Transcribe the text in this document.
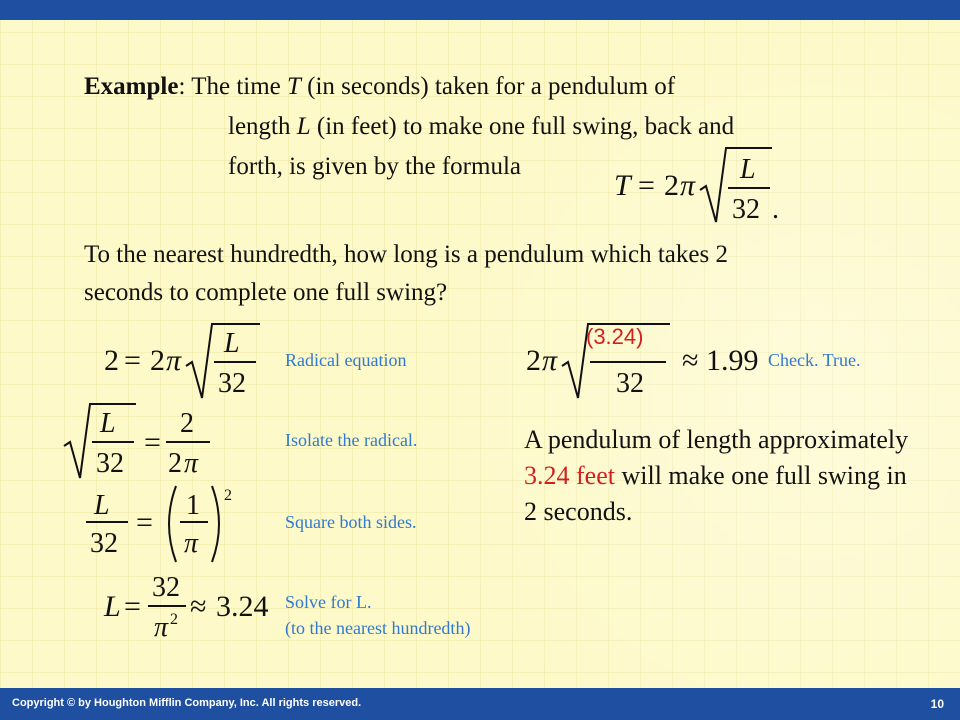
Example: The time T (in seconds) taken for a pendulum of
length L (in feet) to make one full swing, back and
forth, is given by the formula
T = 2 π L
32 .
To the nearest hundredth, how long is a pendulum which takes 2
seconds to complete one full swing?
2 = 2 π
L
32
Radical equation
L
32
=
2
2 π
Isolate the radical.
L
32
=
1
π
2
Square both sides.
L =
32
π 2 ≈ 3.24 Solve for L.
(to the nearest hundredth)
2 π
32
≈ 1.99
(3.24)
Check. True.
A pendulum of length approximately 3.24 feet will make one full swing in 2 seconds.
Copyright © by Houghton Mifflin Company, Inc. All rights reserved.	10
